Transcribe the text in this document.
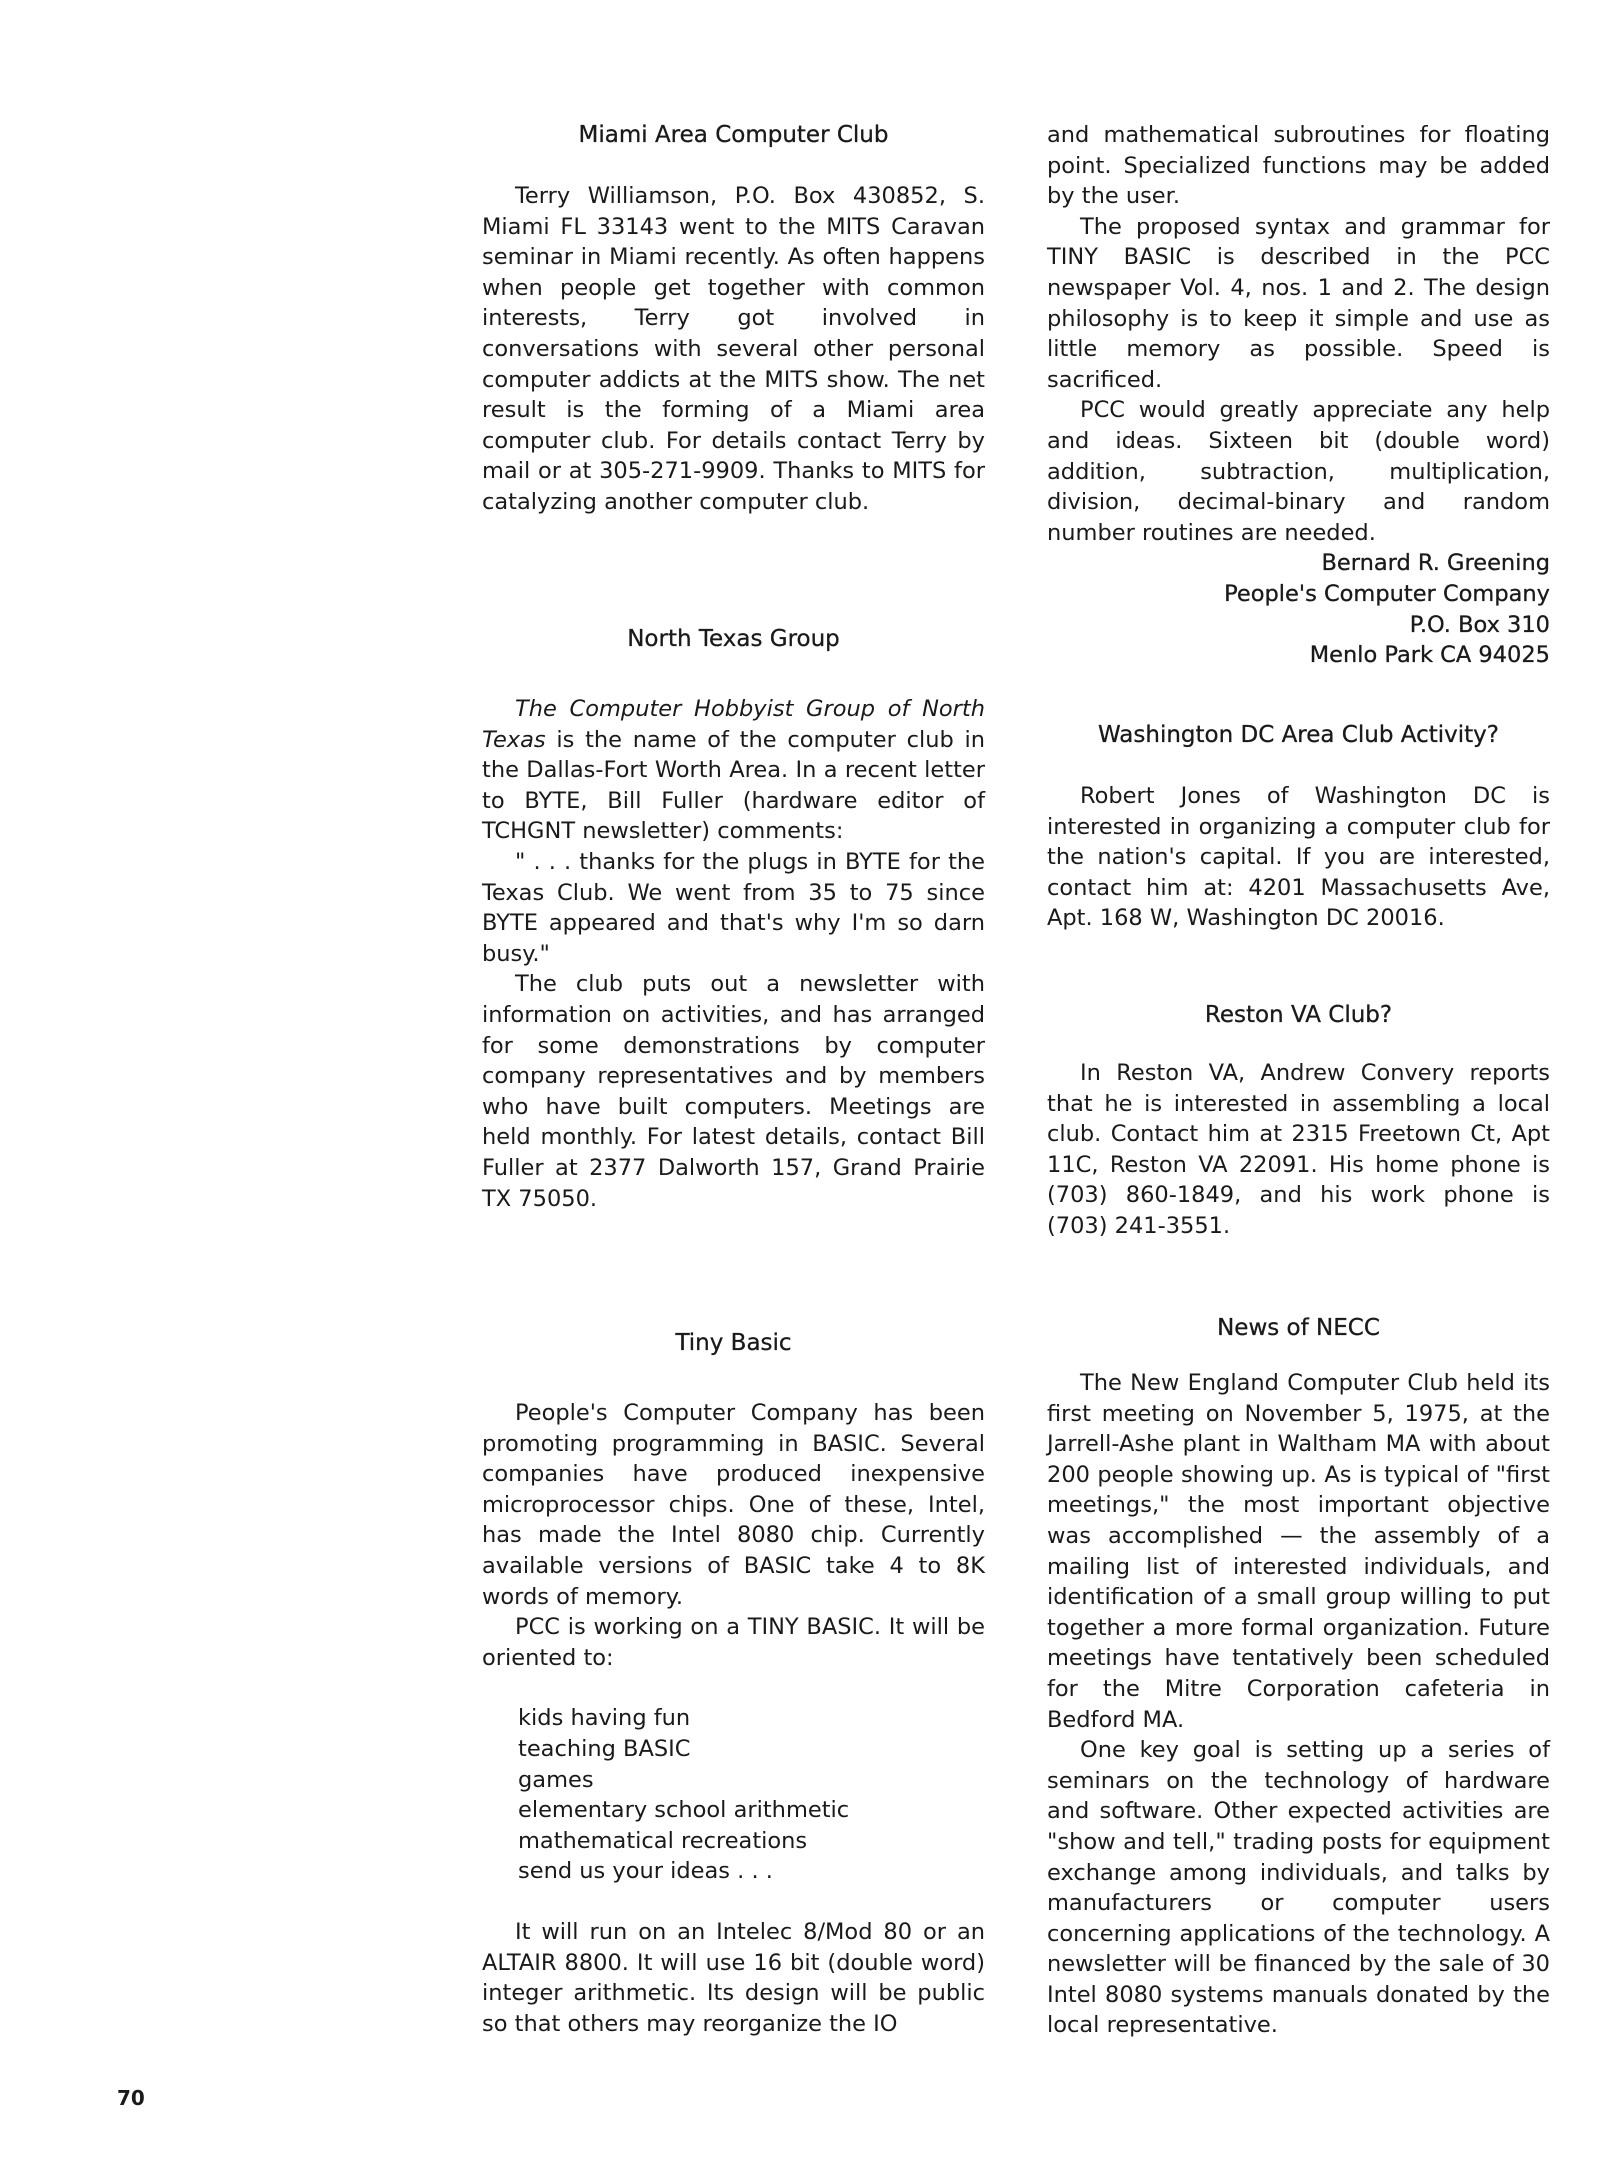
Miami Area Computer Club

Terry Williamson, P.O. Box 430852, S. Miami FL 33143 went to the MITS Caravan seminar in Miami recently. As often happens when people get together with common interests, Terry got involved in conversations with several other personal computer addicts at the MITS show. The net result is the forming of a Miami area computer club. For details contact Terry by mail or at 305-271-9909. Thanks to MITS for catalyzing another computer club.

North Texas Group

The Computer Hobbyist Group of North Texas is the name of the computer club in the Dallas-Fort Worth Area. In a recent letter to BYTE, Bill Fuller (hardware editor of TCHGNT newsletter) comments:

" . . . thanks for the plugs in BYTE for the Texas Club. We went from 35 to 75 since BYTE appeared and that's why I'm so darn busy."

The club puts out a newsletter with information on activities, and has arranged for some demonstrations by computer company representatives and by members who have built computers. Meetings are held monthly. For latest details, contact Bill Fuller at 2377 Dalworth 157, Grand Prairie TX 75050.

Tiny Basic

People's Computer Company has been promoting programming in BASIC. Several companies have produced inexpensive microprocessor chips. One of these, Intel, has made the Intel 8080 chip. Currently available versions of BASIC take 4 to 8K words of memory.

PCC is working on a TINY BASIC. It will be oriented to:

kids having fun
teaching BASIC
games
elementary school arithmetic
mathematical recreations
send us your ideas . . .

It will run on an Intelec 8/Mod 80 or an ALTAIR 8800. It will use 16 bit (double word) integer arithmetic. Its design will be public so that others may reorganize the IO

and mathematical subroutines for floating point. Specialized functions may be added by the user.

The proposed syntax and grammar for TINY BASIC is described in the PCC newspaper Vol. 4, nos. 1 and 2. The design philosophy is to keep it simple and use as little memory as possible. Speed is sacrificed.

PCC would greatly appreciate any help and ideas. Sixteen bit (double word) addition, subtraction, multiplication, division, decimal-binary and random number routines are needed.

Bernard R. Greening
People's Computer Company
P.O. Box 310
Menlo Park CA 94025
Washington DC Area Club Activity?

Robert Jones of Washington DC is interested in organizing a computer club for the nation's capital. If you are interested, contact him at: 4201 Massachusetts Ave, Apt. 168 W, Washington DC 20016.

Reston VA Club?

In Reston VA, Andrew Convery reports that he is interested in assembling a local club. Contact him at 2315 Freetown Ct, Apt 11C, Reston VA 22091. His home phone is (703) 860-1849, and his work phone is (703) 241-3551.

News of NECC

The New England Computer Club held its first meeting on November 5, 1975, at the Jarrell-Ashe plant in Waltham MA with about 200 people showing up. As is typical of "first meetings," the most important objective was accomplished — the assembly of a mailing list of interested individuals, and identification of a small group willing to put together a more formal organization. Future meetings have tentatively been scheduled for the Mitre Corporation cafeteria in Bedford MA.

One key goal is setting up a series of seminars on the technology of hardware and software. Other expected activities are "show and tell," trading posts for equipment exchange among individuals, and talks by manufacturers or computer users concerning applications of the technology. A newsletter will be financed by the sale of 30 Intel 8080 systems manuals donated by the local representative.

70
